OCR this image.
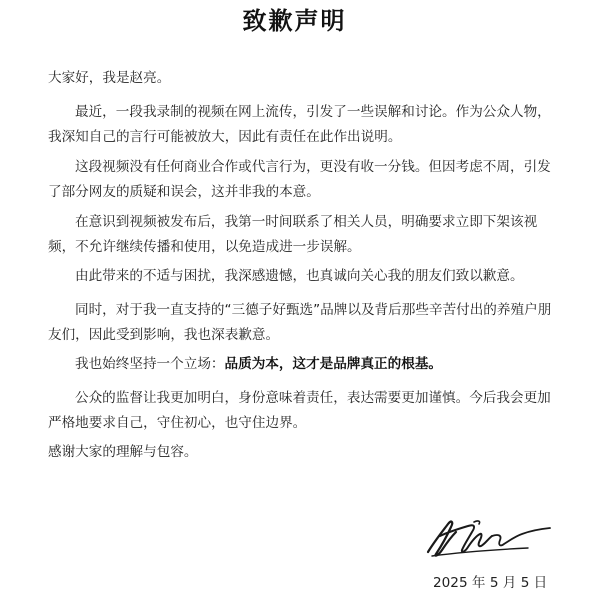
致歉声明
大家好，我是赵亮。
最近，一段我录制的视频在网上流传，引发了一些误解和讨论。作为公众人物，我深知自己的言行可能被放大，因此有责任在此作出说明。
这段视频没有任何商业合作或代言行为，更没有收一分钱。但因考虑不周，引发了部分网友的质疑和误会，这并非我的本意。
在意识到视频被发布后，我第一时间联系了相关人员，明确要求立即下架该视频，不允许继续传播和使用，以免造成进一步误解。
由此带来的不适与困扰，我深感遗憾，也真诚向关心我的朋友们致以歉意。
同时，对于我一直支持的“三德子好甄选”品牌以及背后那些辛苦付出的养殖户朋友们，因此受到影响，我也深表歉意。
我也始终坚持一个立场：品质为本，这才是品牌真正的根基。
公众的监督让我更加明白，身份意味着责任，表达需要更加谨慎。今后我会更加严格地要求自己，守住初心，也守住边界。
感谢大家的理解与包容。
2025 年 5 月 5 日
